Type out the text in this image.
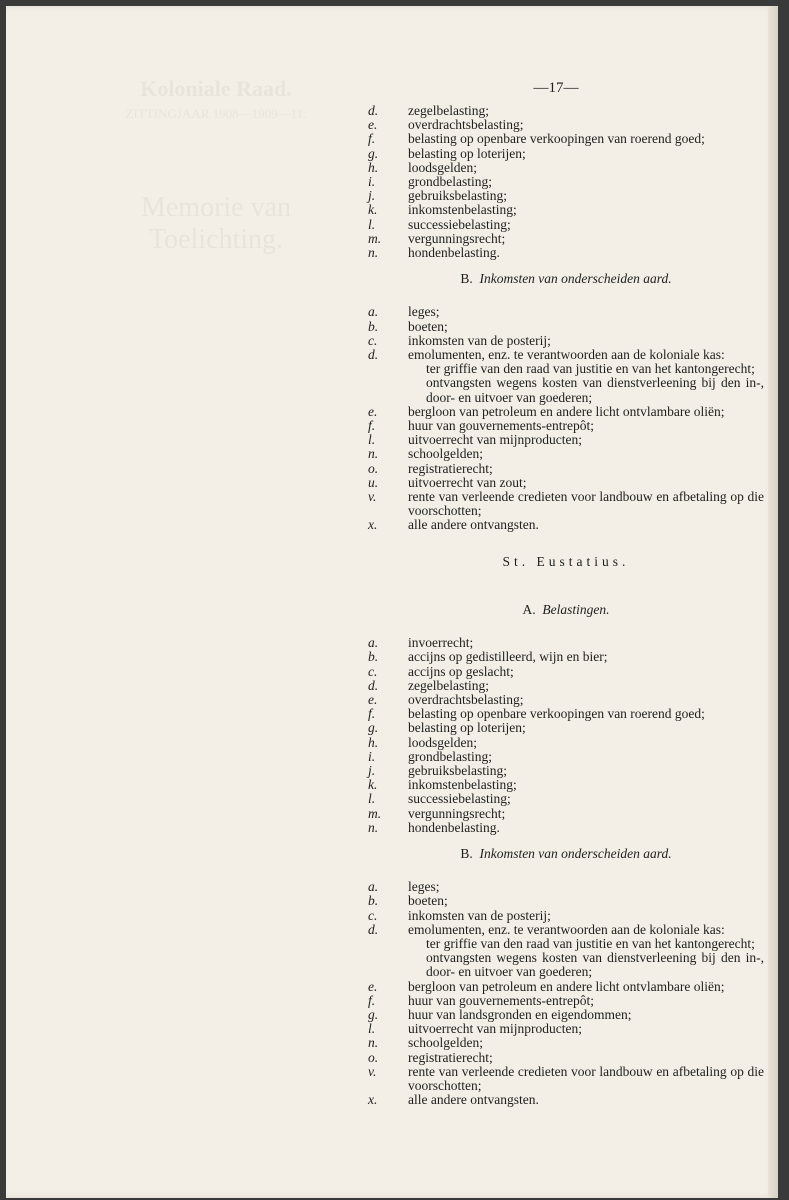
Koloniale Raad.
ZITTINGJAAR 1908—1909—11.
Memorie van Toelichting.
—17—
d. zegelbelasting;
e. overdrachtsbelasting;
f. belasting op openbare verkoopingen van roerend goed;
g. belasting op loterijen;
h. loodsgelden;
i. grondbelasting;
j. gebruiksbelasting;
k. inkomstenbelasting;
l. successiebelasting;
m. vergunningsrecht;
n. hondenbelasting.
B. Inkomsten van onderscheiden aard.
a. leges;
b. boeten;
c. inkomsten van de posterij;
d. emolumenten, enz. te verantwoorden aan de koloniale kas:
ter griffie van den raad van justitie en van het kantongerecht;
ontvangsten wegens kosten van dienstverleening bij den in-, door- en uitvoer van goederen;
e. bergloon van petroleum en andere licht ontvlambare oliën;
f. huur van gouvernements-entrepôt;
l. uitvoerrecht van mijnproducten;
n. schoolgelden;
o. registratierecht;
u. uitvoerrecht van zout;
v. rente van verleende credieten voor landbouw en afbetaling op die voorschotten;
x. alle andere ontvangsten.
St. Eustatius.
A. Belastingen.
a. invoerrecht;
b. accijns op gedistilleerd, wijn en bier;
c. accijns op geslacht;
d. zegelbelasting;
e. overdrachtsbelasting;
f. belasting op openbare verkoopingen van roerend goed;
g. belasting op loterijen;
h. loodsgelden;
i. grondbelasting;
j. gebruiksbelasting;
k. inkomstenbelasting;
l. successiebelasting;
m. vergunningsrecht;
n. hondenbelasting.
B. Inkomsten van onderscheiden aard.
a. leges;
b. boeten;
c. inkomsten van de posterij;
d. emolumenten, enz. te verantwoorden aan de koloniale kas:
ter griffie van den raad van justitie en van het kantongerecht;
ontvangsten wegens kosten van dienstverleening bij den in-, door- en uitvoer van goederen;
e. bergloon van petroleum en andere licht ontvlambare oliën;
f. huur van gouvernements-entrepôt;
g. huur van landsgronden en eigendommen;
l. uitvoerrecht van mijnproducten;
n. schoolgelden;
o. registratierecht;
v. rente van verleende credieten voor landbouw en afbetaling op die voorschotten;
x. alle andere ontvangsten.
